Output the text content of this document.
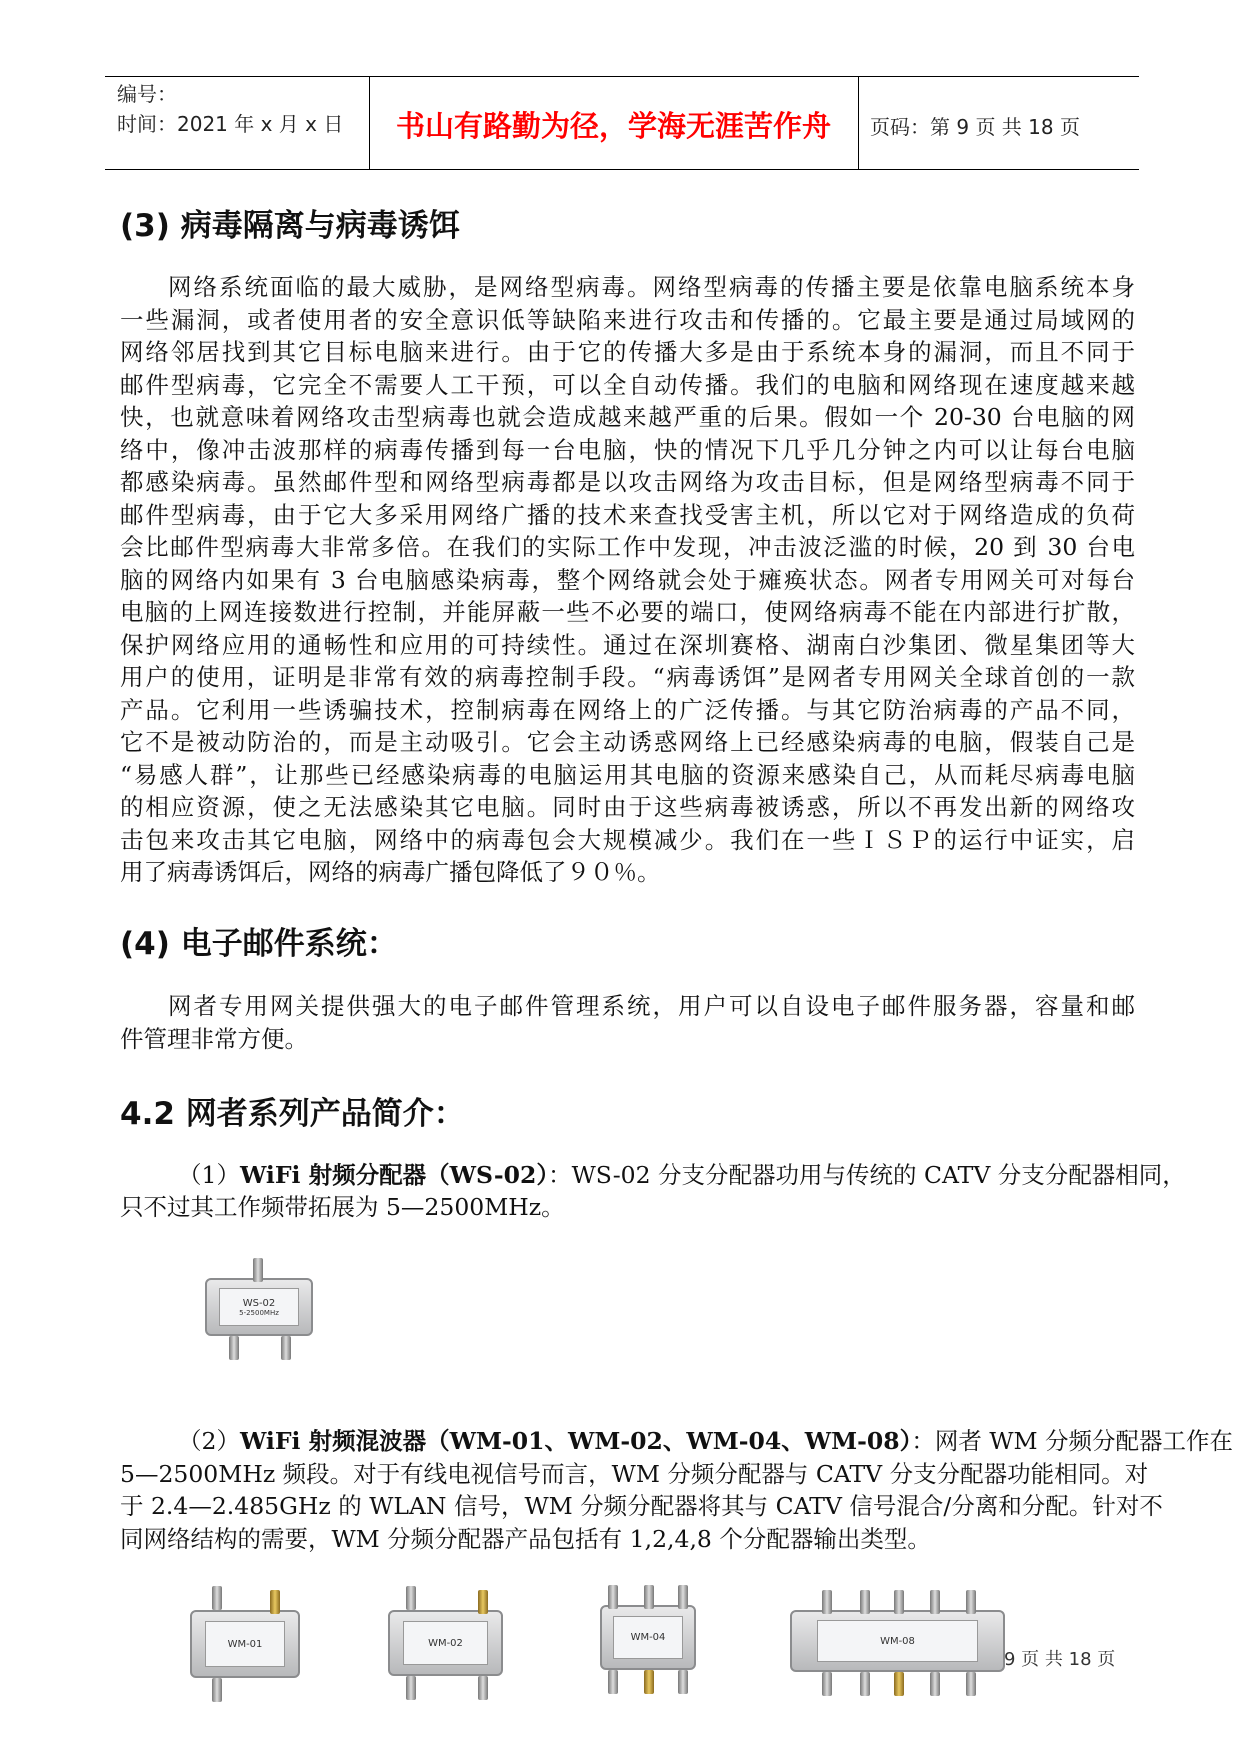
编号：
时间：2021 年 x 月 x 日	书山有路勤为径，学海无涯苦作舟	页码：第 9 页 共 18 页
(3) 病毒隔离与病毒诱饵
网络系统面临的最大威胁，是网络型病毒。网络型病毒的传播主要是依靠电脑系统本身
一些漏洞，或者使用者的安全意识低等缺陷来进行攻击和传播的。它最主要是通过局域网的
网络邻居找到其它目标电脑来进行。由于它的传播大多是由于系统本身的漏洞，而且不同于
邮件型病毒，它完全不需要人工干预，可以全自动传播。我们的电脑和网络现在速度越来越
快，也就意味着网络攻击型病毒也就会造成越来越严重的后果。假如一个 20-30 台电脑的网
络中，像冲击波那样的病毒传播到每一台电脑，快的情况下几乎几分钟之内可以让每台电脑
都感染病毒。虽然邮件型和网络型病毒都是以攻击网络为攻击目标，但是网络型病毒不同于
邮件型病毒，由于它大多采用网络广播的技术来查找受害主机，所以它对于网络造成的负荷
会比邮件型病毒大非常多倍。在我们的实际工作中发现，冲击波泛滥的时候，20 到 30 台电
脑的网络内如果有 3 台电脑感染病毒，整个网络就会处于瘫痪状态。网者专用网关可对每台
电脑的上网连接数进行控制，并能屏蔽一些不必要的端口，使网络病毒不能在内部进行扩散，
保护网络应用的通畅性和应用的可持续性。通过在深圳赛格、湖南白沙集团、微星集团等大
用户的使用，证明是非常有效的病毒控制手段。“病毒诱饵”是网者专用网关全球首创的一款
产品。它利用一些诱骗技术，控制病毒在网络上的广泛传播。与其它防治病毒的产品不同，
它不是被动防治的，而是主动吸引。它会主动诱惑网络上已经感染病毒的电脑，假装自己是
“易感人群”，让那些已经感染病毒的电脑运用其电脑的资源来感染自己，从而耗尽病毒电脑
的相应资源，使之无法感染其它电脑。同时由于这些病毒被诱惑，所以不再发出新的网络攻
击包来攻击其它电脑，网络中的病毒包会大规模减少。我们在一些ＩＳＰ的运行中证实，启
用了病毒诱饵后，网络的病毒广播包降低了９０％。
(4) 电子邮件系统：
网者专用网关提供强大的电子邮件管理系统，用户可以自设电子邮件服务器，容量和邮
件管理非常方便。
4.2 网者系列产品简介：
（1）WiFi 射频分配器（WS-02）：WS-02 分支分配器功用与传统的 CATV 分支分配器相同，
只不过其工作频带拓展为 5—2500MHz。
WS-02
5-2500MHz
（2）WiFi 射频混波器（WM-01、WM-02、WM-04、WM-08）：网者 WM 分频分配器工作在
5—2500MHz 频段。对于有线电视信号而言，WM 分频分配器与 CATV 分支分配器功能相同。对
于 2.4—2.485GHz 的 WLAN 信号，WM 分频分配器将其与 CATV 信号混合/分离和分配。针对不
同网络结构的需要，WM 分频分配器产品包括有 1,2,4,8 个分配器输出类型。
WM-01	WM-02	WM-04	WM-08
9 页 共 18 页
